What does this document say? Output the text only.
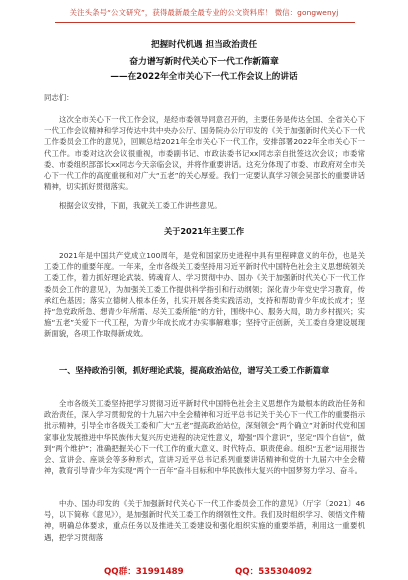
关注头条号“公文研究”，获得最新最全最专业的公文资料库！ 微信：gongwenyj
把握时代机遇 担当政治责任
奋力谱写新时代关心下一代工作新篇章
——在2022年全市关心下一代工作会议上的讲话

同志们：

这次全市关心下一代工作会议，是经市委领导同意召开的，主要任务是传达全国、全省关心下一代工作会议精神和学习传达中共中央办公厅、国务院办公厅印发的《关于加强新时代关心下一代工作委员会工作的意见》，回顾总结2021年全市关心下一代工作，安排部署2022年全市关心下一代工作。市委对这次会议很重视，市委副书记、市政法委书记xx同志亲自批签这次会议；市委常委、市委组织部部长xx同志今天亲临会议，并将作重要讲话。这充分体现了市委、市政府对全市关心下一代工作的高度重视和对广大“五老”的关心厚爱。我们一定要认真学习领会吴部长的重要讲话精神，切实抓好贯彻落实。

根据会议安排，下面，我就关工委工作讲些意见。

关于2021年主要工作

2021年是中国共产党成立100周年，是党和国家历史进程中具有里程碑意义的年份，也是关工委工作的重要年度。一年来，全市各级关工委坚持用习近平新时代中国特色社会主义思想统领关工委工作，着力抓好理论武装、铸魂育人、学习贯彻中办、国办《关于加强新时代关心下一代工作委员会工作的意见》，为加强关工委工作提供科学指引和行动纲领；深化青少年党史学习教育，传承红色基因；落实立德树人根本任务，扎实开展各类实践活动，支持和帮助青少年成长成才；坚持“急党政所急、想青少年所需、尽关工委所能”的方针，围绕中心、服务大局，助力乡村振兴；实施“五老”关爱下一代工程，为青少年成长成才办实事解难事；坚持守正创新，关工委自身建设展现新面貌，各项工作取得新成效。

一、坚持政治引领，抓好理论武装，提高政治站位，谱写关工委工作新篇章

全市各级关工委坚持把学习贯彻习近平新时代中国特色社会主义思想作为最根本的政治任务和政治责任，深入学习贯彻党的十九届六中全会精神和习近平总书记关于关心下一代工作的重要指示批示精神，引导全市各级关工委和广大“五老”提高政治站位，深刻领会“两个确立”对新时代党和国家事业发展推进中华民族伟大复兴历史进程的决定性意义，增强“四个意识”，坚定“四个自信”，做到“两个维护”；准确把握关心下一代工作的重大意义、时代特点、职责使命。组织“五老”运用报告会、宣讲会、座谈会等多种形式，宣讲习近平总书记系列重要讲话精神和党的十九届六中全会精神，教育引导青少年为实现“两个一百年”奋斗目标和中华民族伟大复兴的中国梦努力学习、奋斗。

中办、国办印发的《关于加强新时代关心下一代工作委员会工作的意见》（厅字〔2021〕46号，以下简称《意见》），是加强新时代关工委工作的纲领性文件。我们及时组织学习、领悟文件精神，明确总体要求，重点任务以及推进关工委建设和强化组织实施的重要举措，利用这一重要机遇，把学习贯彻落

QQ群：31991489	QQ：535304092
